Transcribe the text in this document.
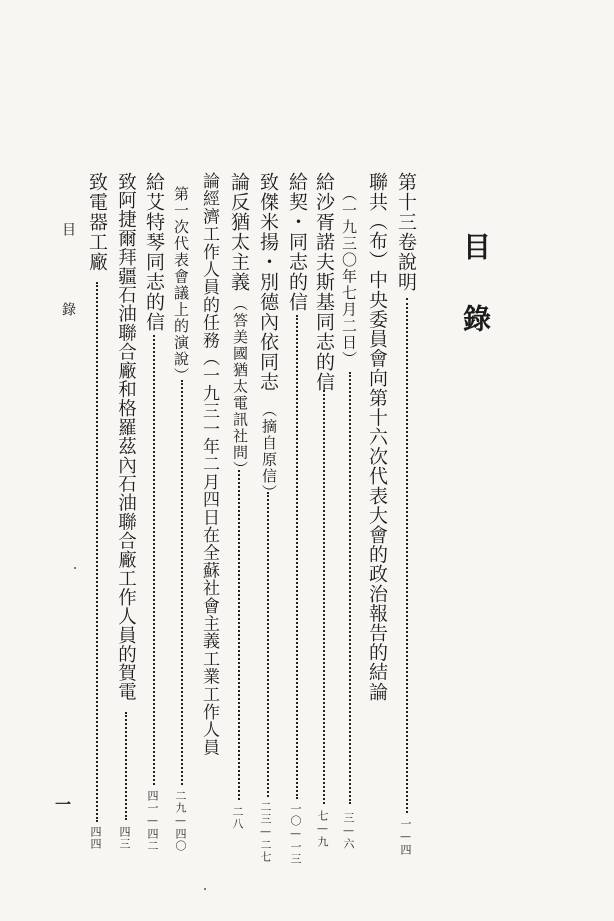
目錄
目　錄
一
第十三卷說明
一—四
聯共（布）中央委員會向第十六次代表大會的政治報告的結論
（一九三〇年七月二日）
三—六
給沙胥諾夫斯基同志的信
七—九
給契・同志的信
一〇—一三
致傑米揚・別德內依同志
（摘自原信）
二三—二七
論反猶太主義
（答美國猶太電訊社問）
二八
論經濟工作人員的任務（一九三一年二月四日在全蘇社會主義工業工作人員
第一次代表會議上的演說）
二九—四〇
給艾特琴同志的信
四一—四二
致阿捷爾拜疆石油聯合廠和格羅茲內石油聯合廠工作人員的賀電
四三
致電器工廠
四四
